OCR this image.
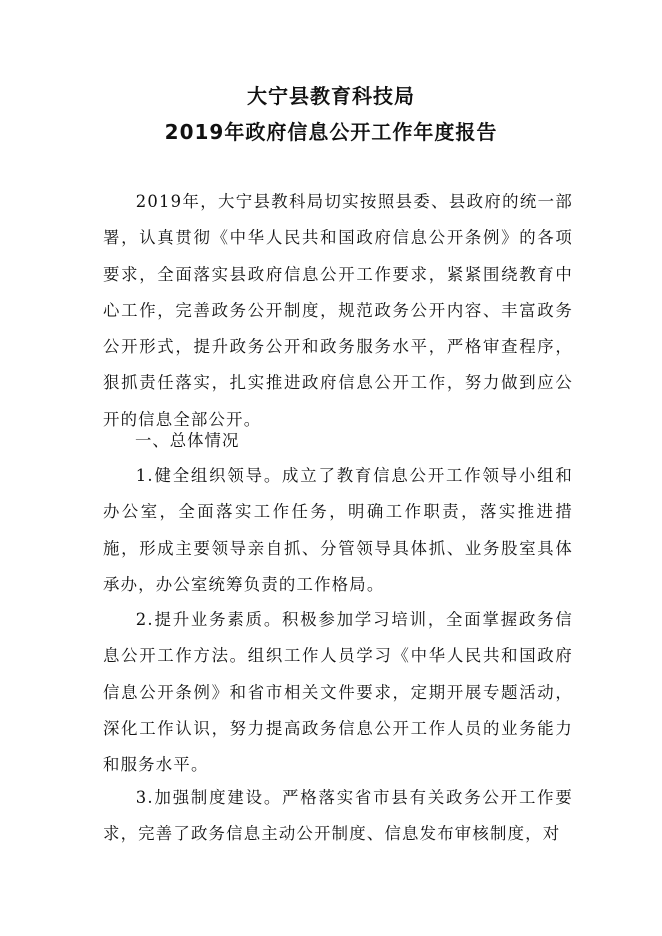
大宁县教育科技局
2019年政府信息公开工作年度报告

2019年，大宁县教科局切实按照县委、县政府的统一部署，认真贯彻《中华人民共和国政府信息公开条例》的各项要求，全面落实县政府信息公开工作要求，紧紧围绕教育中心工作，完善政务公开制度，规范政务公开内容、丰富政务公开形式，提升政务公开和政务服务水平，严格审查程序，狠抓责任落实，扎实推进政府信息公开工作，努力做到应公开的信息全部公开。

一、总体情况

1.健全组织领导。成立了教育信息公开工作领导小组和办公室，全面落实工作任务，明确工作职责，落实推进措施，形成主要领导亲自抓、分管领导具体抓、业务股室具体承办，办公室统筹负责的工作格局。

2.提升业务素质。积极参加学习培训，全面掌握政务信息公开工作方法。组织工作人员学习《中华人民共和国政府信息公开条例》和省市相关文件要求，定期开展专题活动，深化工作认识，努力提高政务信息公开工作人员的业务能力和服务水平。

3.加强制度建设。严格落实省市县有关政务公开工作要求，完善了政务信息主动公开制度、信息发布审核制度，对
